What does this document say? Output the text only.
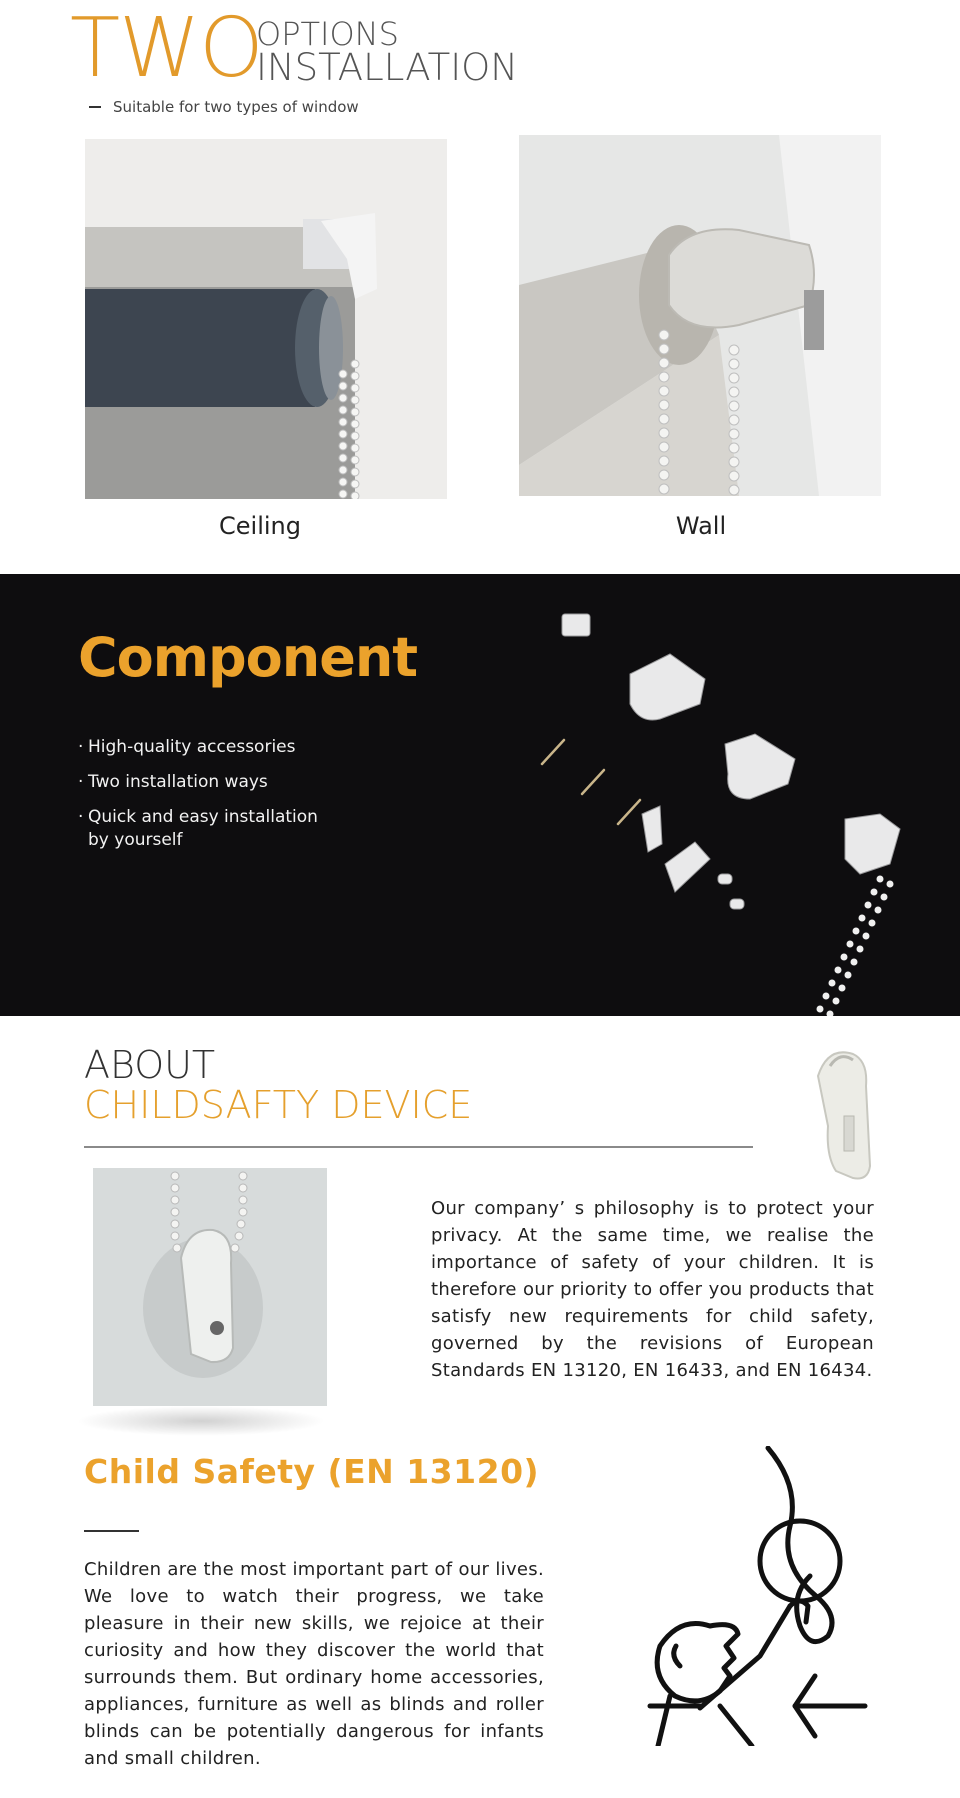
TWO
OPTIONS
INSTALLATION
Suitable for two types of window
Ceiling	Wall
Component
· High-quality accessories
· Two installation ways
· Quick and easy installation by yourself
ABOUT
CHILDSAFTY DEVICE
Our company’ s philosophy is to protect your privacy. At the same time, we realise the importance of safety of your children. It is therefore our priority to offer you products that satisfy new requirements for child safety, governed by the revisions of European Standards EN 13120, EN 16433, and EN 16434.
Child Safety (EN 13120)
Children are the most important part of our lives. We love to watch their progress, we take pleasure in their new skills, we rejoice at their curiosity and how they discover the world that surrounds them. But ordinary home accessories, appliances, furniture as well as blinds and roller blinds can be potentially dangerous for infants and small children.
